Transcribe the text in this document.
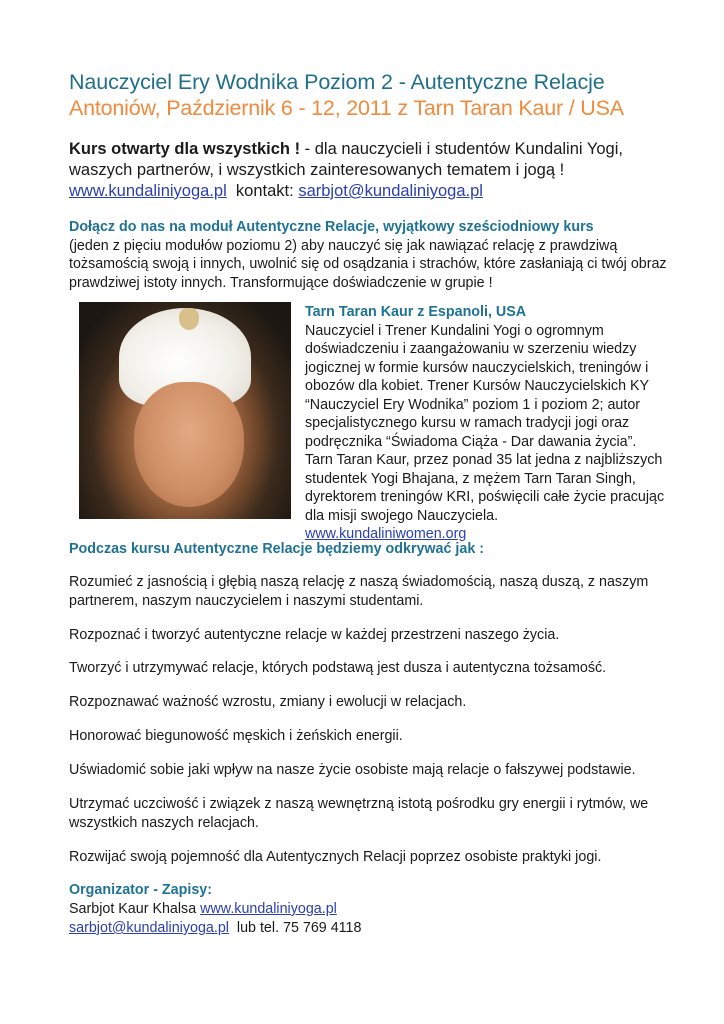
Nauczyciel Ery Wodnika Poziom 2 - Autentyczne Relacje
Antoniów, Październik 6 - 12, 2011 z Tarn Taran Kaur / USA
Kurs otwarty dla wszystkich ! - dla nauczycieli i studentów Kundalini Yogi, waszych partnerów, i wszystkich zainteresowanych tematem i jogą !
www.kundaliniyoga.pl  kontakt: sarbjot@kundaliniyoga.pl
Dołącz do nas na moduł Autentyczne Relacje, wyjątkowy sześciodniowy kurs
(jeden z pięciu modułów poziomu 2) aby nauczyć się jak nawiązać relację z prawdziwą tożsamością swoją i innych, uwolnić się od osądzania i strachów, które zasłaniają ci twój obraz prawdziwej istoty innych. Transformujące doświadczenie w grupie !
Tarn Taran Kaur z Espanoli, USA
Nauczyciel i Trener Kundalini Yogi o ogromnym doświadczeniu i zaangażowaniu w szerzeniu wiedzy jogicznej w formie kursów nauczycielskich, treningów i obozów dla kobiet. Trener Kursów Nauczycielskich KY “Nauczyciel Ery Wodnika” poziom 1 i poziom 2; autor specjalistycznego kursu w ramach tradycji jogi oraz podręcznika “Świadoma Ciąża - Dar dawania życia”. Tarn Taran Kaur, przez ponad 35 lat jedna z najbliższych studentek Yogi Bhajana, z mężem Tarn Taran Singh, dyrektorem treningów KRI, poświęcili całe życie pracując dla misji swojego Nauczyciela.
www.kundaliniwomen.org
Podczas kursu Autentyczne Relacje będziemy odkrywać jak :
Rozumieć z jasnością i głębią naszą relację z naszą świadomością, naszą duszą, z naszym partnerem, naszym nauczycielem i naszymi studentami.
Rozpoznać i tworzyć autentyczne relacje w każdej przestrzeni naszego życia.
Tworzyć i utrzymywać relacje, których podstawą jest dusza i autentyczna tożsamość.
Rozpoznawać ważność wzrostu, zmiany i ewolucji w relacjach.
Honorować biegunowość męskich i żeńskich energii.
Uświadomić sobie jaki wpływ na nasze życie osobiste mają relacje o fałszywej podstawie.
Utrzymać uczciwość i związek z naszą wewnętrzną istotą pośrodku gry energii i rytmów, we wszystkich naszych relacjach.
Rozwijać swoją pojemność dla Autentycznych Relacji poprzez osobiste praktyki jogi.
Organizator - Zapisy:
Sarbjot Kaur Khalsa www.kundaliniyoga.pl
sarbjot@kundaliniyoga.pl  lub tel. 75 769 4118
